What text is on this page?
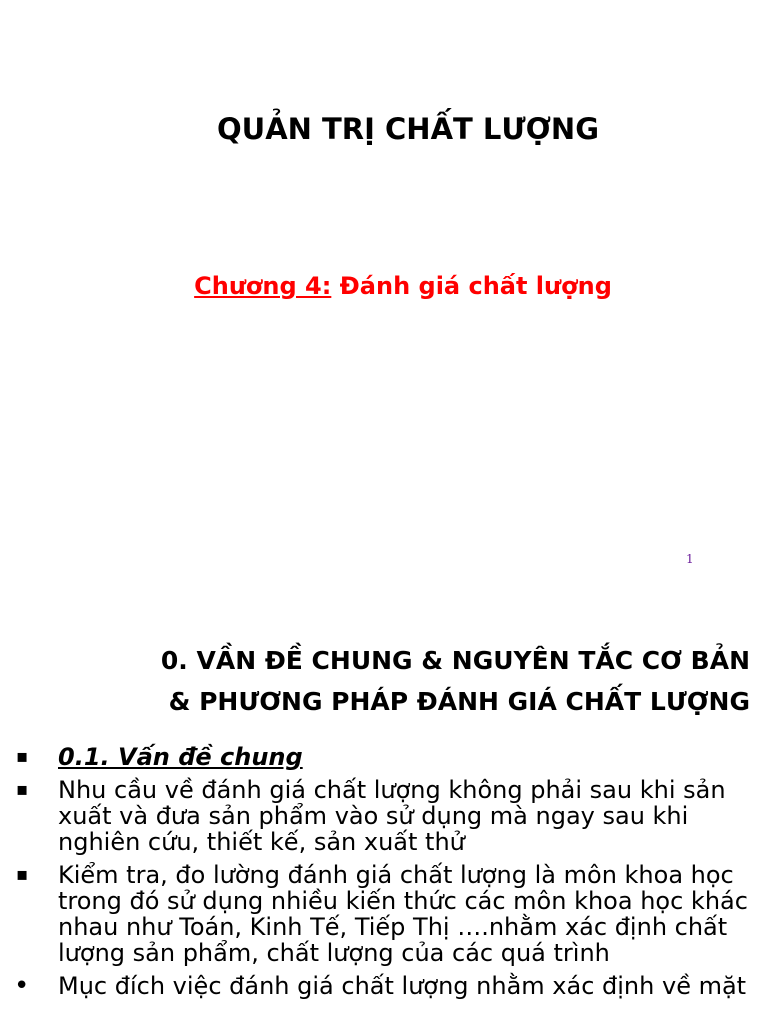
QUẢN TRỊ CHẤT LƯỢNG
Chương 4: Đánh giá chất lượng
1
0. VẦN ĐỀ CHUNG & NGUYÊN TẮC CƠ BẢN
& PHƯƠNG PHÁP ĐÁNH GIÁ CHẤT LƯỢNG
▪ 0.1. Vấn đề chung
▪ Nhu cầu về đánh giá chất lượng không phải sau khi sản xuất và đưa sản phẩm vào sử dụng mà ngay sau khi nghiên cứu, thiết kế, sản xuất thử
▪ Kiểm tra, đo lường đánh giá chất lượng là môn khoa học trong đó sử dụng nhiều kiến thức các môn khoa học khác nhau như Toán, Kinh Tế, Tiếp Thị ….nhằm xác định chất lượng sản phẩm, chất lượng của các quá trình
• Mục đích việc đánh giá chất lượng nhằm xác định về mặt
